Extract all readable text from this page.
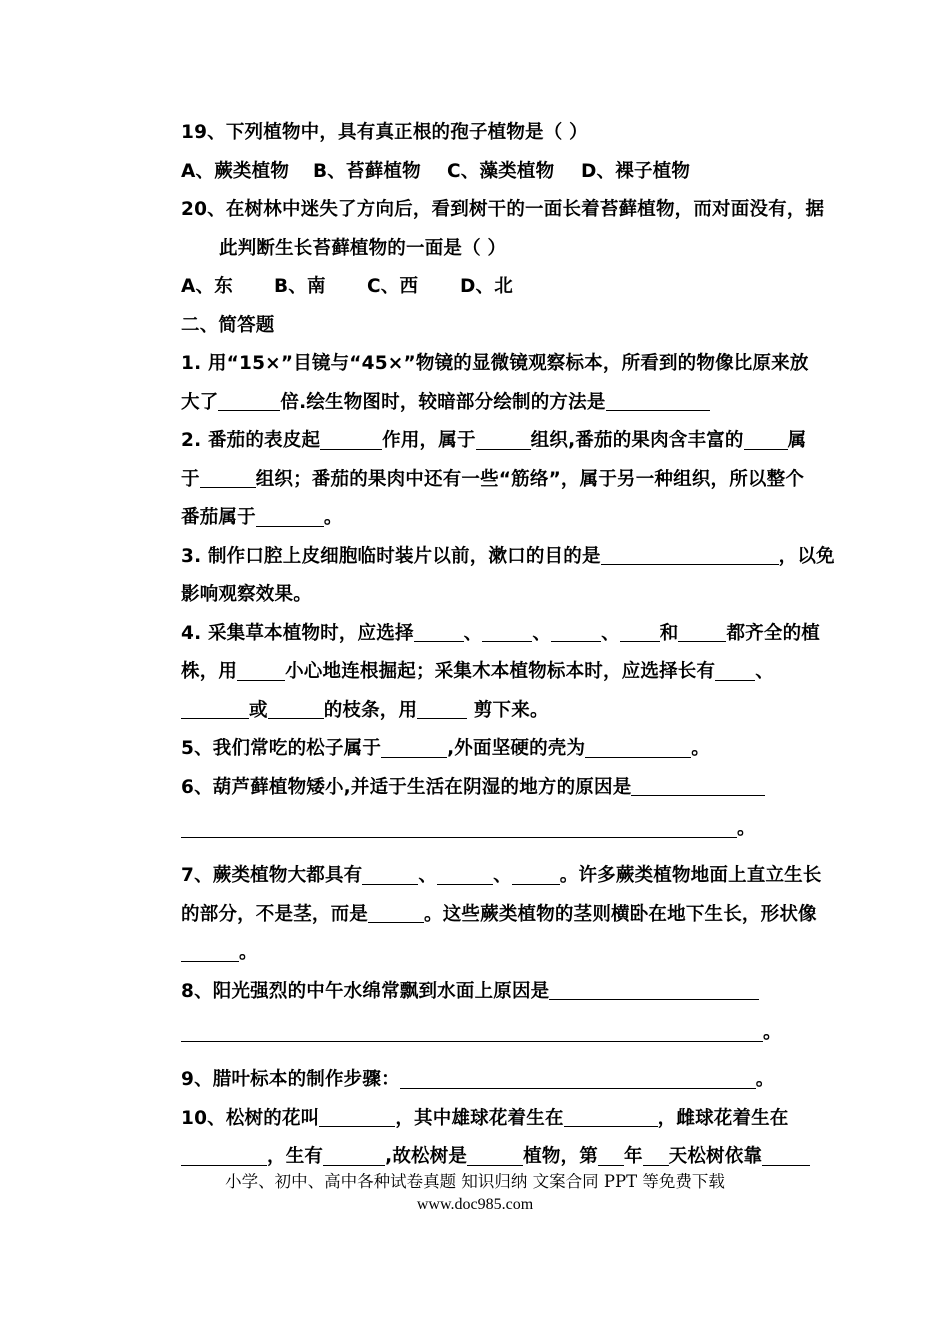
19、下列植物中，具有真正根的孢子植物是（ ）
A、蕨类植物 B、苔藓植物 C、藻类植物 D、裸子植物
20、在树林中迷失了方向后，看到树干的一面长着苔藓植物，而对面没有，据
此判断生长苔藓植物的一面是（ ）
A、东 B、南 C、西 D、北
二、简答题
1. 用“15×”目镜与“45×”物镜的显微镜观察标本，所看到的物像比原来放
大了	倍.绘生物图时，较暗部分绘制的方法是
2. 番茄的表皮起	作用，属于	组织,番茄的果肉含丰富的 属
于	组织；番茄的果肉中还有一些“筋络”，属于另一种组织，所以整个
番茄属于	。
3. 制作口腔上皮细胞临时装片以前，漱口的目的是	，以免
影响观察效果。
4. 采集草本植物时，应选择	、	、	、 和	都齐全的植
株，用	小心地连根掘起；采集木本植物标本时，应选择长有 、
或	的枝条，用	剪下来。
5、我们常吃的松子属于	,外面坚硬的壳为	。
6、葫芦藓植物矮小,并适于生活在阴湿的地方的原因是
。
7、蕨类植物大都具有	、	、	。许多蕨类植物地面上直立生长
的部分，不是茎，而是	。这些蕨类植物的茎则横卧在地下生长，形状像
。
8、阳光强烈的中午水绵常飘到水面上原因是
。
9、腊叶标本的制作步骤：	。
10、松树的花叫	，其中雄球花着生在	，雌球花着生在
，生有	,故松树是	植物，第 年 天松树依靠
小学、初中、高中各种试卷真题 知识归纳 文案合同 PPT 等免费下载
www.doc985.com
